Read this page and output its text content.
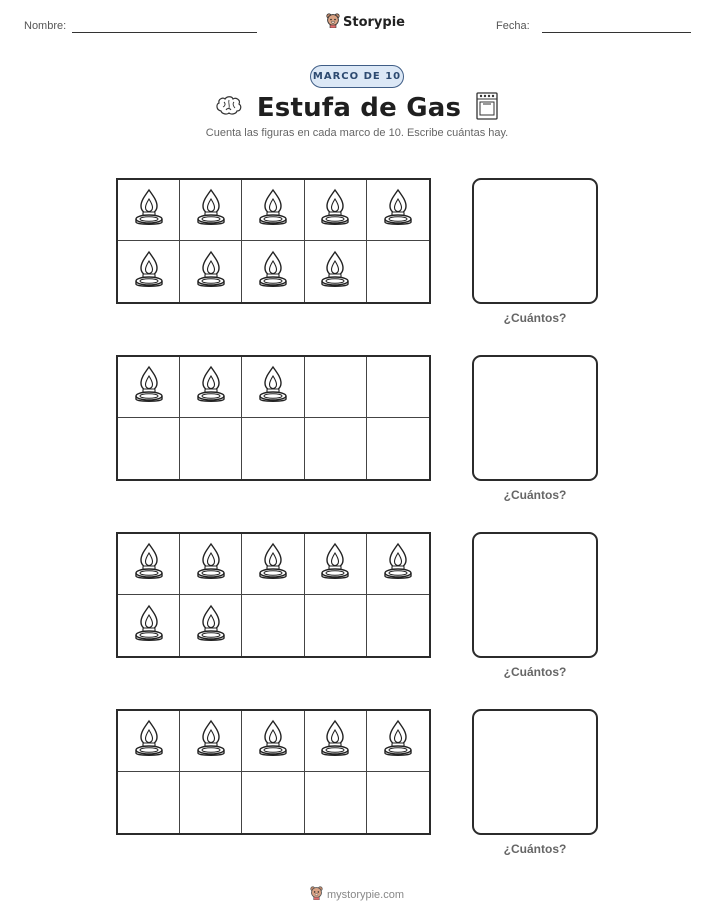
Nombre:	Storypie	Fecha:
MARCO DE 10
Estufa de Gas
Cuenta las figuras en cada marco de 10. Escribe cuántas hay.
¿Cuántos?
¿Cuántos?
¿Cuántos?
¿Cuántos?
mystorypie.com
